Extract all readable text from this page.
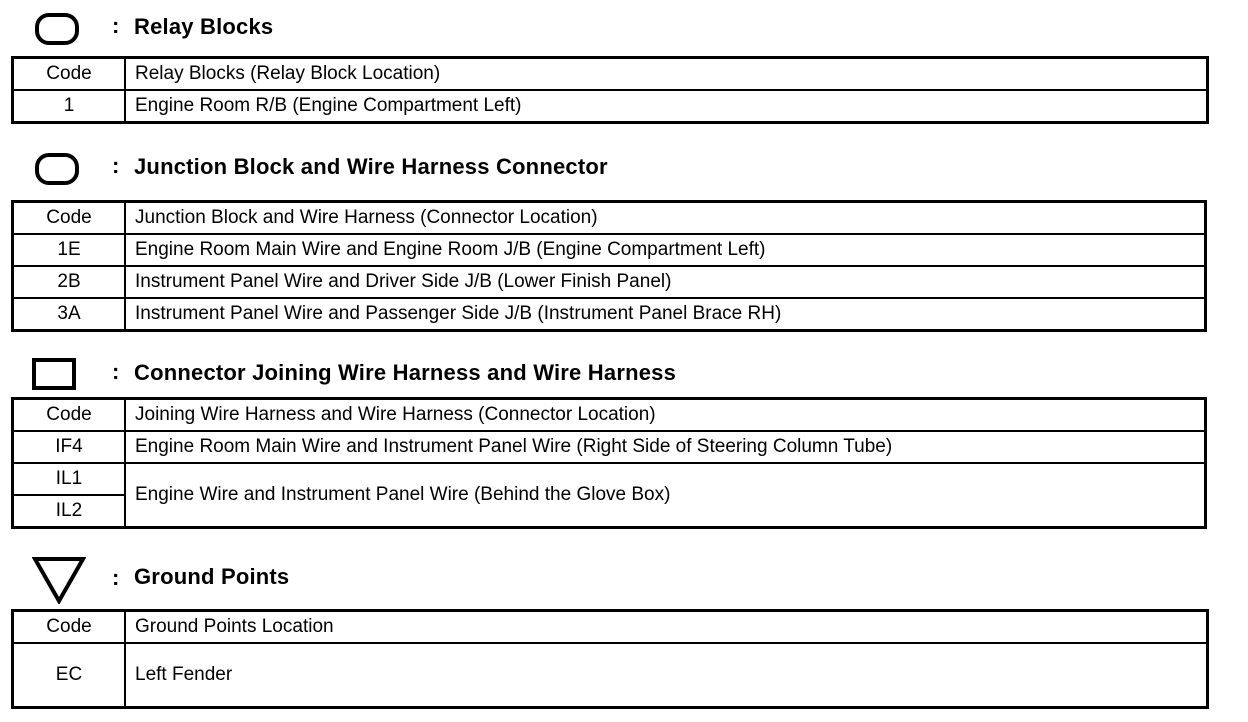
: Relay Blocks
Code	Relay Blocks (Relay Block Location)
1	Engine Room R/B (Engine Compartment Left)
: Junction Block and Wire Harness Connector
Code	Junction Block and Wire Harness (Connector Location)
1E	Engine Room Main Wire and Engine Room J/B (Engine Compartment Left)
2B	Instrument Panel Wire and Driver Side J/B (Lower Finish Panel)
3A	Instrument Panel Wire and Passenger Side J/B (Instrument Panel Brace RH)
: Connector Joining Wire Harness and Wire Harness
Code	Joining Wire Harness and Wire Harness (Connector Location)
IF4	Engine Room Main Wire and Instrument Panel Wire (Right Side of Steering Column Tube)
IL1	Engine Wire and Instrument Panel Wire (Behind the Glove Box)
IL2	
: Ground Points
Code	Ground Points Location
EC	Left Fender
